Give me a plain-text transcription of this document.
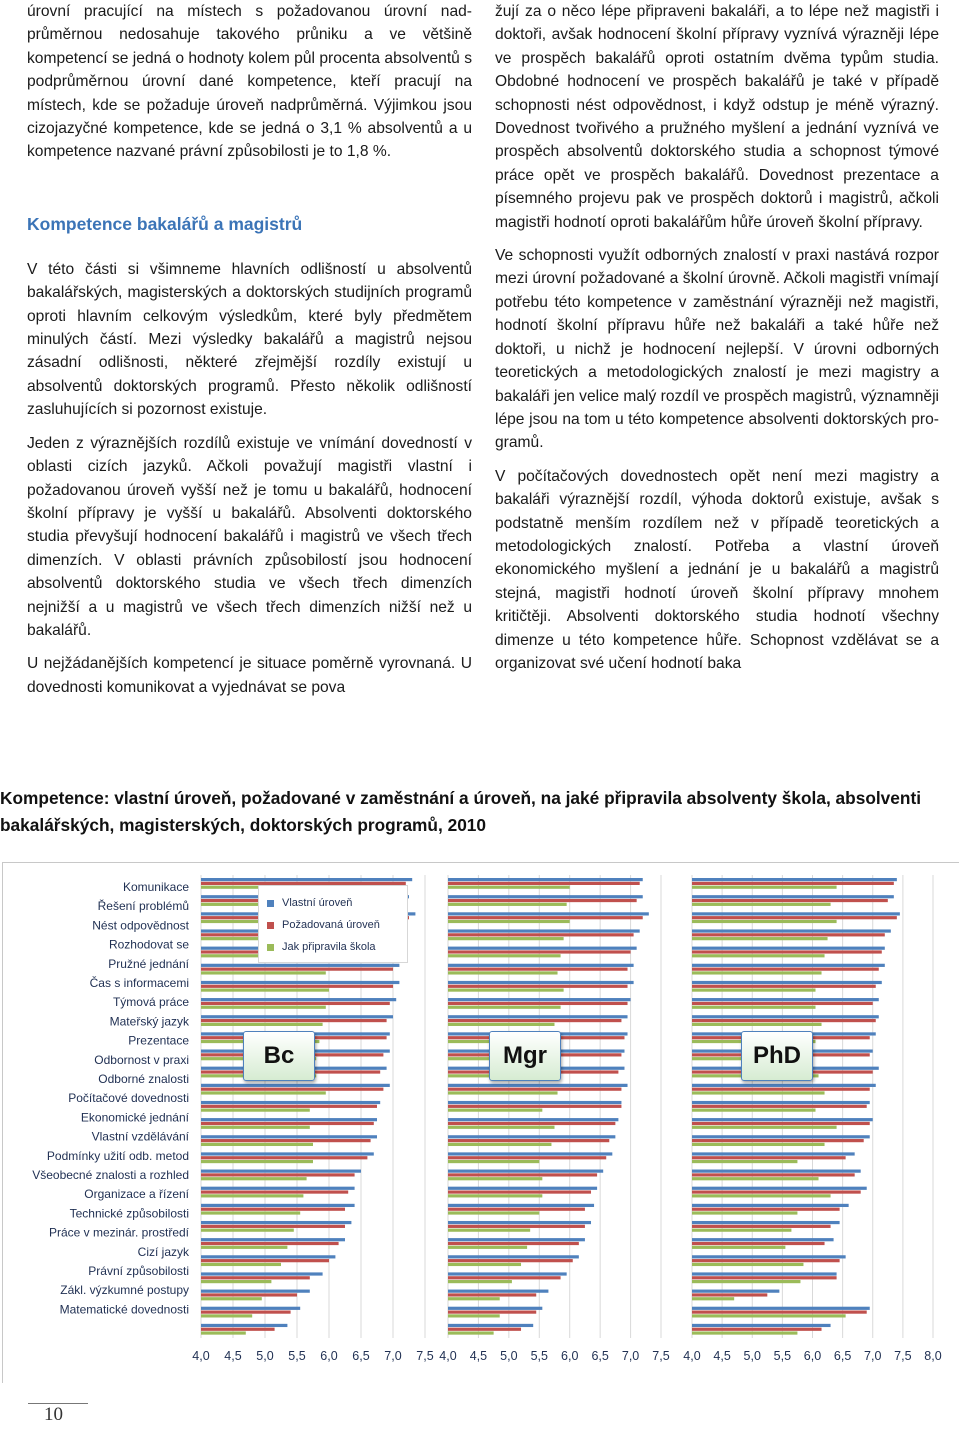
úrovní pracující na místech s požadovanou úrovní nadprůměrnou nedosahuje takového průniku a ve většině kompetencí se jedná o hodnoty kolem půl procenta absolventů s podprůměrnou úrovní dané kompetence, kteří pracují na místech, kde se požaduje úroveň nadprůměrná. Výjimkou jsou cizojazyčné kompetence, kde se jedná o 3,1 % absolventů a u kompetence nazvané právní způsobilosti je to 1,8 %.

Kompetence bakalářů a magistrů

V této části si všimneme hlavních odlišností u absolventů bakalářských, magisterských a doktorských studijních programů oproti hlavním celkovým výsledkům, které byly předmětem minulých částí. Mezi výsledky bakalářů a magistrů nejsou zásadní odlišnosti, některé zřejmější rozdíly existují u absolventů doktorských programů. Přesto několik odlišností zasluhujících si pozornost existuje.

Jeden z výraznějších rozdílů existuje ve vnímání dovedností v oblasti cizích jazyků. Ačkoli považují magistři vlastní i požadovanou úroveň vyšší než je tomu u bakalářů, hodnocení školní přípravy je vyšší u bakalářů. Absolventi doktorského studia převyšují hodnocení bakalářů i magistrů ve všech třech dimenzích. V oblasti právních způsobilostí jsou hodnocení absolventů doktorského studia ve všech třech dimenzích nejnižší a u magistrů ve všech třech dimenzích nižší než u bakalářů.

U nejžádanějších kompetencí je situace poměrně vyrovnaná. U dovednosti komunikovat a vyjednávat se pova

žují za o něco lépe připraveni bakaláři, a to lépe než magistři i doktoři, avšak hodnocení školní přípravy vyznívá výrazněji lépe ve prospěch bakalářů oproti ostatním dvěma typům studia. Obdobné hodnocení ve prospěch bakalářů je také v případě schopnosti nést odpovědnost, i když odstup je méně výrazný. Dovednost tvořivého a pružného myšlení a jednání vyznívá ve prospěch absolventů doktorského studia a schopnost týmové práce opět ve prospěch bakalářů. Dovednost prezentace a písemného projevu pak ve prospěch doktorů i magistrů, ačkoli magistři hodnotí oproti bakalářům hůře úroveň školní přípravy.

Ve schopnosti využít odborných znalostí v praxi nastává rozpor mezi úrovní požadované a školní úrovně. Ačkoli magistři vnímají potřebu této kompetence v zaměstnání výrazněji než magistři, hodnotí školní přípravu hůře než bakaláři a také hůře než doktoři, u nichž je hodnocení nejlepší. V úrovni odborných teoretických a metodologických znalostí je mezi magistry a bakaláři jen velice malý rozdíl ve prospěch magistrů, významněji lépe jsou na tom u této kompetence absolventi doktorských programů.

V počítačových dovednostech opět není mezi magistry a bakaláři výraznější rozdíl, výhoda doktorů existuje, avšak s podstatně menším rozdílem než v případě teoretických a metodologických znalostí. Potřeba a vlastní úroveň ekonomického myšlení a jednání je u bakalářů a magistrů stejná, magistři hodnotí úroveň školní přípravy mnohem kritičtěji. Absolventi doktorského studia hodnotí všechny dimenze u této kompetence hůře. Schopnost vzdělávat se a organizovat své učení hodnotí baka

Kompetence: vlastní úroveň, požadované v zaměstnání a úroveň, na jaké připravila absolventy škola, absolventi bakalářských, magisterských, doktorských programů, 2010
Komunikace
Řešení problémů
Nést odpovědnost
Rozhodovat se
Pružné jednání
Čas s informacemi
Týmová práce
Mateřský jazyk
Prezentace
Odbornost v praxi
Odborné znalosti
Počítačové dovednosti
Ekonomické jednání
Vlastní vzdělávání
Podmínky užití odb. metod
Všeobecné znalosti a rozhled
Organizace a řízení
Technické způsobilosti
Práce v mezinár. prostředí
Cizí jazyk
Právní způsobilosti
Zákl. výzkumné postupy
Matematické dovednosti
4,0 4,5 5,0 5,5 6,0 6,5 7,0 7,5 4,0 4,5 5,0 5,5 6,0 6,5 7,0 7,5 4,0 4,5 5,0 5,5 6,0 6,5 7,0 7,5 8,0
Vlastní úroveň
Požadovaná úroveň
Jak připravila škola
Bc	Mgr	PhD
10
